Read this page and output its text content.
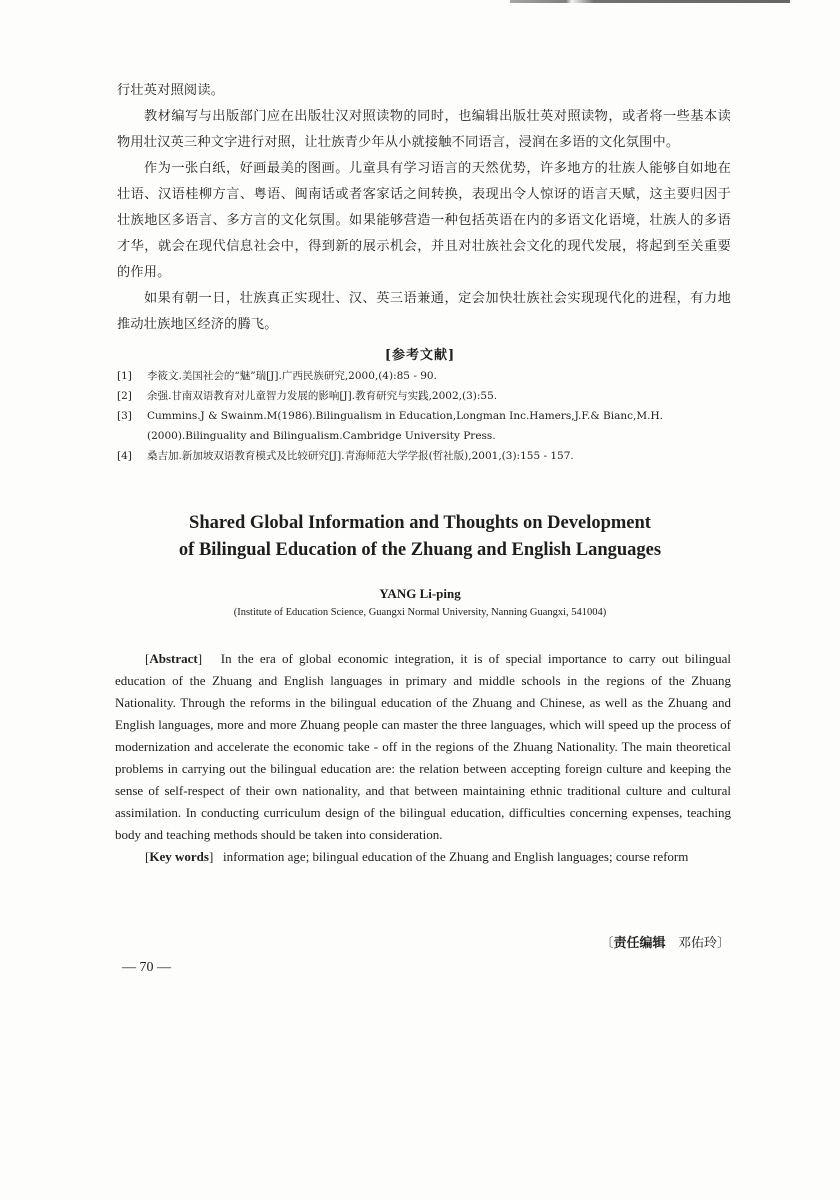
行壮英对照阅读。

教材编写与出版部门应在出版壮汉对照读物的同时，也编辑出版壮英对照读物，或者将一些基本读物用壮汉英三种文字进行对照，让壮族青少年从小就接触不同语言，浸润在多语的文化氛围中。

作为一张白纸，好画最美的图画。儿童具有学习语言的天然优势，许多地方的壮族人能够自如地在壮语、汉语桂柳方言、粤语、闽南话或者客家话之间转换，表现出令人惊讶的语言天赋，这主要归因于壮族地区多语言、多方言的文化氛围。如果能够营造一种包括英语在内的多语文化语境，壮族人的多语才华，就会在现代信息社会中，得到新的展示机会，并且对壮族社会文化的现代发展，将起到至关重要的作用。

如果有朝一日，壮族真正实现壮、汉、英三语兼通，定会加快壮族社会实现现代化的进程，有力地推动壮族地区经济的腾飞。

[参考文献]
[1]	李筱文.美国社会的“魅”瑞[J].广西民族研究,2000,(4):85 - 90.
[2]	余强.甘南双语教育对儿童智力发展的影响[J].教育研究与实践,2002,(3):55.
[3]	Cummins.J & Swainm.M(1986).Bilingualism in Education,Longman Inc.Hamers,J.F.& Bianc,M.H.(2000).Bilinguality and Bilingualism.Cambridge University Press.
[4]	桑吉加.新加坡双语教育模式及比较研究[J].青海师范大学学报(哲社版),2001,(3):155 - 157.
Shared Global Information and Thoughts on Development
of Bilingual Education of the Zhuang and English Languages
YANG Li-ping
(Institute of Education Science, Guangxi Normal University, Nanning Guangxi, 541004)

[Abstract] In the era of global economic integration, it is of special importance to carry out bilingual education of the Zhuang and English languages in primary and middle schools in the regions of the Zhuang Nationality. Through the reforms in the bilingual education of the Zhuang and Chinese, as well as the Zhuang and English languages, more and more Zhuang people can master the three languages, which will speed up the process of modernization and accelerate the economic take - off in the regions of the Zhuang Nationality. The main theoretical problems in carrying out the bilingual education are: the relation between accepting foreign culture and keeping the sense of self-respect of their own nationality, and that between maintaining ethnic traditional culture and cultural assimilation. In conducting curriculum design of the bilingual education, difficulties concerning expenses, teaching body and teaching methods should be taken into consideration.

[Key words] information age; bilingual education of the Zhuang and English languages; course reform

〔责任编辑 邓佑玲〕
— 70 —
